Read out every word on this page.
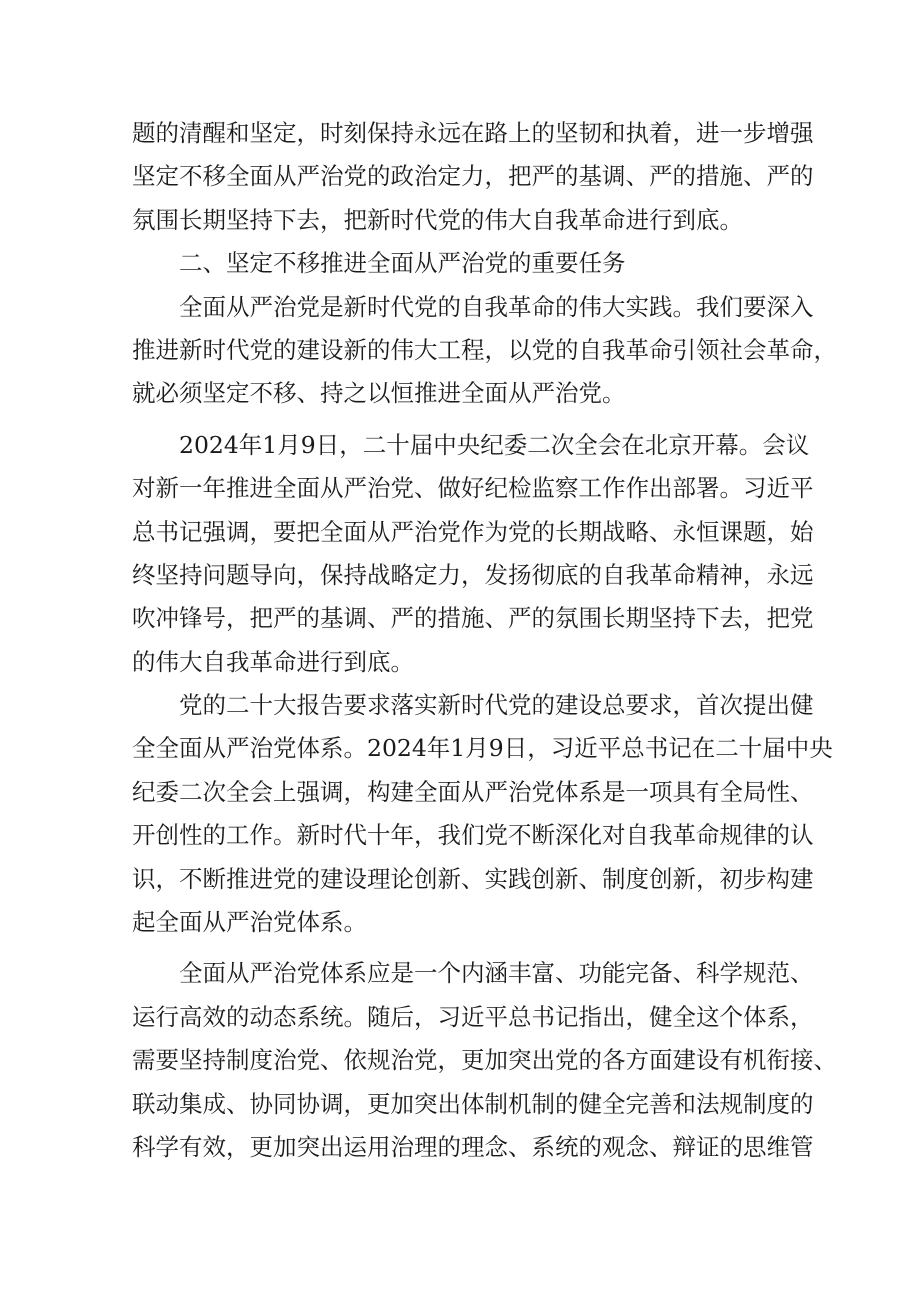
题的清醒和坚定，时刻保持永远在路上的坚韧和执着，进一步增强
坚定不移全面从严治党的政治定力，把严的基调、严的措施、严的
氛围长期坚持下去，把新时代党的伟大自我革命进行到底。
二、坚定不移推进全面从严治党的重要任务
全面从严治党是新时代党的自我革命的伟大实践。我们要深入
推进新时代党的建设新的伟大工程，以党的自我革命引领社会革命，
就必须坚定不移、持之以恒推进全面从严治党。
2024年1月9日，二十届中央纪委二次全会在北京开幕。会议
对新一年推进全面从严治党、做好纪检监察工作作出部署。习近平
总书记强调，要把全面从严治党作为党的长期战略、永恒课题，始
终坚持问题导向，保持战略定力，发扬彻底的自我革命精神，永远
吹冲锋号，把严的基调、严的措施、严的氛围长期坚持下去，把党
的伟大自我革命进行到底。
党的二十大报告要求落实新时代党的建设总要求，首次提出健
全全面从严治党体系。2024年1月9日，习近平总书记在二十届中央
纪委二次全会上强调，构建全面从严治党体系是一项具有全局性、
开创性的工作。新时代十年，我们党不断深化对自我革命规律的认
识，不断推进党的建设理论创新、实践创新、制度创新，初步构建
起全面从严治党体系。
全面从严治党体系应是一个内涵丰富、功能完备、科学规范、
运行高效的动态系统。随后，习近平总书记指出，健全这个体系，
需要坚持制度治党、依规治党，更加突出党的各方面建设有机衔接、
联动集成、协同协调，更加突出体制机制的健全完善和法规制度的
科学有效，更加突出运用治理的理念、系统的观念、辩证的思维管
